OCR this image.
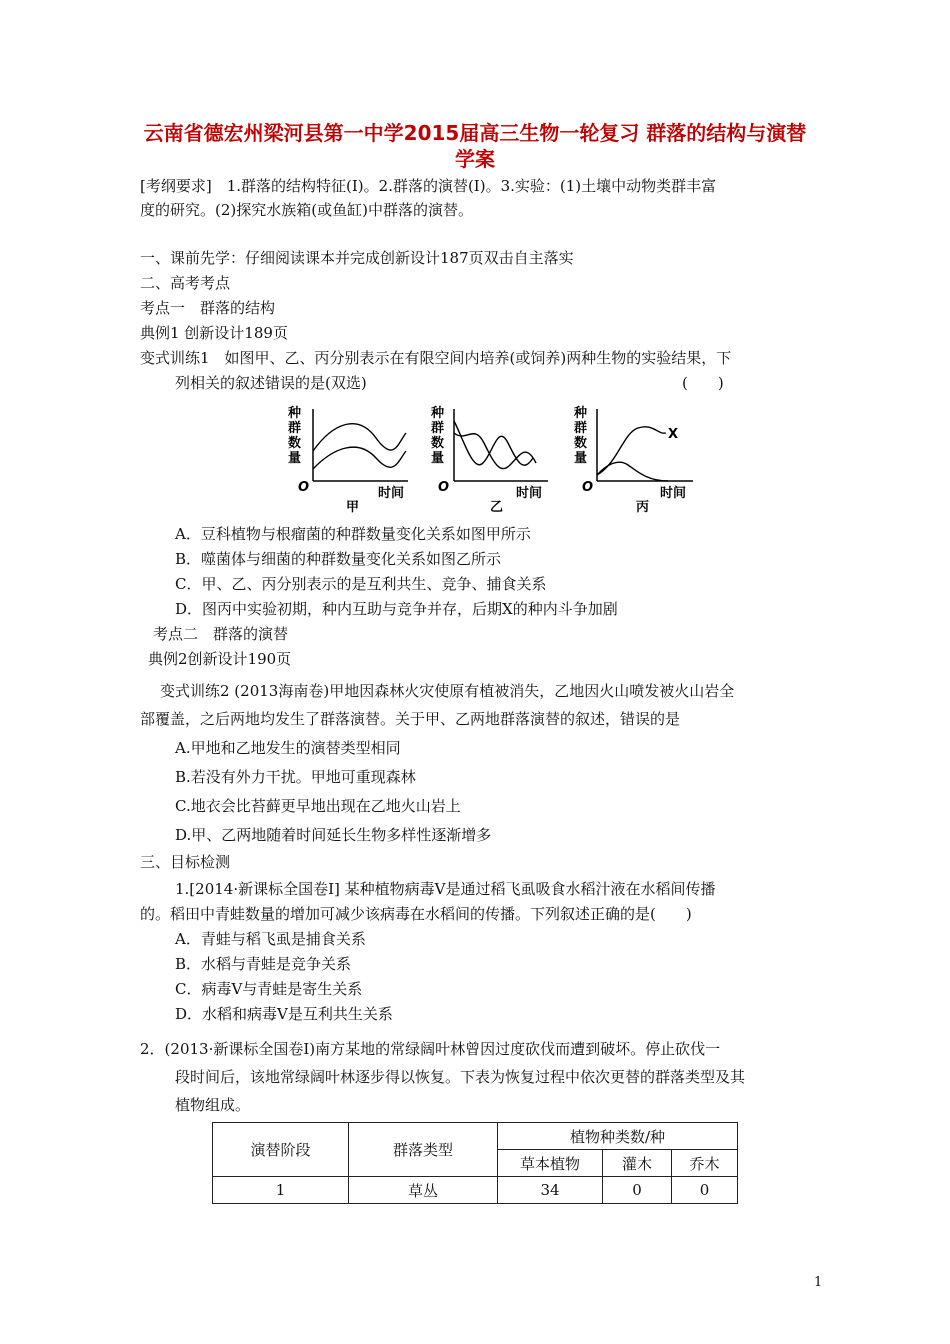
云南省德宏州梁河县第一中学2015届高三生物一轮复习 群落的结构与演替学案
[考纲要求]　1.群落的结构特征(Ⅰ)。2.群落的演替(Ⅰ)。3.实验：(1)土壤中动物类群丰富
度的研究。(2)探究水族箱(或鱼缸)中群落的演替。
一、课前先学：仔细阅读课本并完成创新设计187页双击自主落实
二、高考考点
考点一　群落的结构
典例1 创新设计189页
变式训练1　如图甲、乙、丙分别表示在有限空间内培养(或饲养)两种生物的实验结果，下
列相关的叙述错误的是(双选)	(　　)
种
群
数
量
O	时间
甲
种
群
数
量
O	时间
乙
种
群
数
量
X
O	时间
丙
A．豆科植物与根瘤菌的种群数量变化关系如图甲所示
B．噬菌体与细菌的种群数量变化关系如图乙所示
C．甲、乙、丙分别表示的是互利共生、竞争、捕食关系
D．图丙中实验初期，种内互助与竞争并存，后期X的种内斗争加剧
考点二　群落的演替
典例2创新设计190页
变式训练2 (2013海南卷)甲地因森林火灾使原有植被消失，乙地因火山喷发被火山岩全
部覆盖，之后两地均发生了群落演替。关于甲、乙两地群落演替的叙述，错误的是
A.甲地和乙地发生的演替类型相同
B.若没有外力干扰。甲地可重现森林
C.地衣会比苔藓更早地出现在乙地火山岩上
D.甲、乙两地随着时间延长生物多样性逐渐增多
三、目标检测
1.[2014·新课标全国卷Ⅰ] 某种植物病毒V是通过稻飞虱吸食水稻汁液在水稻间传播
的。稻田中青蛙数量的增加可减少该病毒在水稻间的传播。下列叙述正确的是(　　)
A．青蛙与稻飞虱是捕食关系
B．水稻与青蛙是竞争关系
C．病毒V与青蛙是寄生关系
D．水稻和病毒V是互利共生关系
2．(2013·新课标全国卷Ⅰ)南方某地的常绿阔叶林曾因过度砍伐而遭到破坏。停止砍伐一
段时间后，该地常绿阔叶林逐步得以恢复。下表为恢复过程中依次更替的群落类型及其
植物组成。
演替阶段	群落类型	植物种类数/种		
		草本植物	灌木	乔木
1	草丛	34	0	0
1
